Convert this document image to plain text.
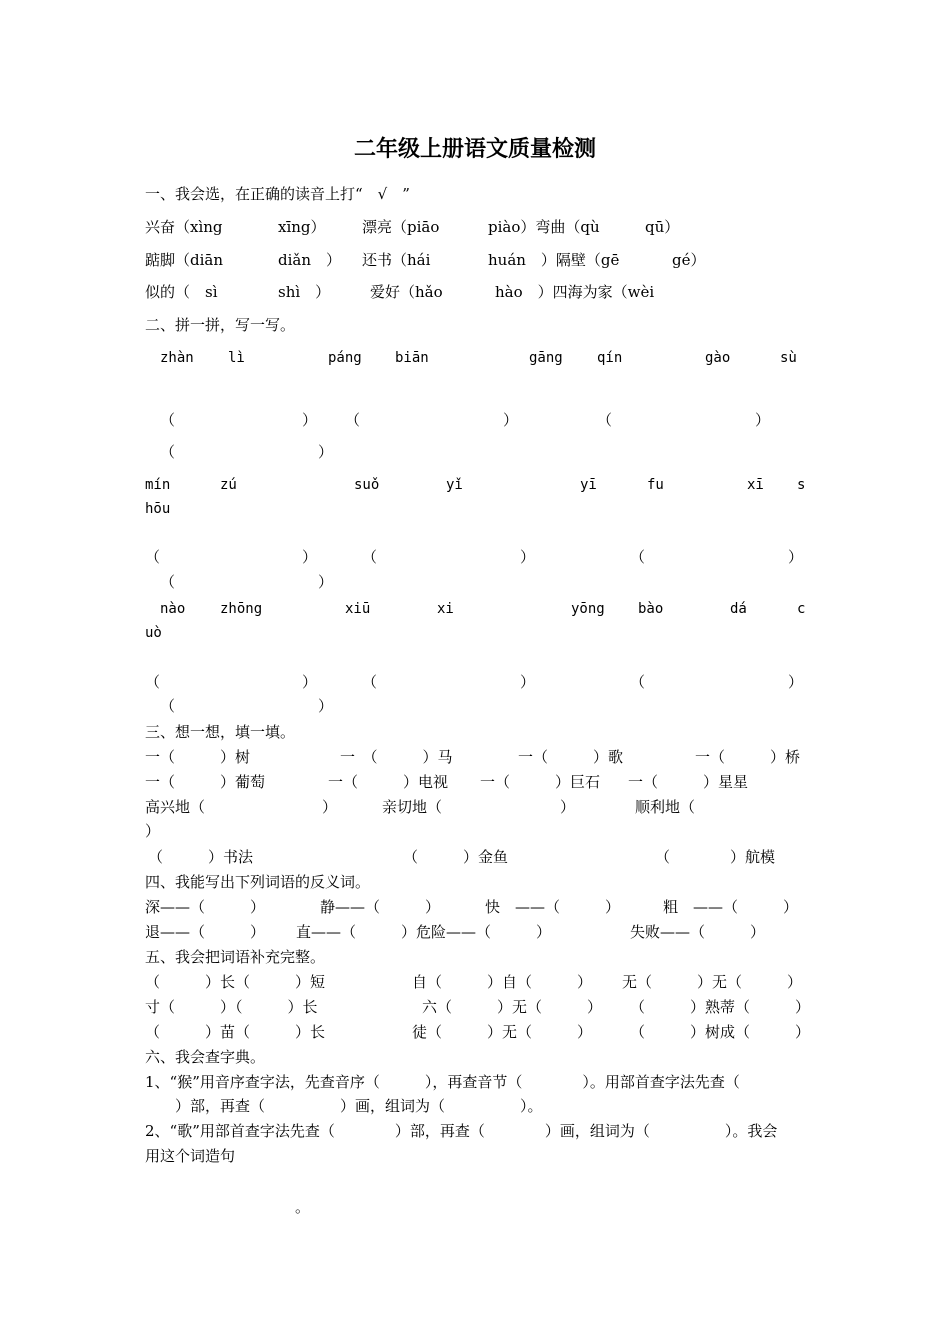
二年级上册语文质量检测
一、我会选，在正确的读音上打“　√　”
兴奋（xìng	xīng） 漂亮（piāo	piào）弯曲（qù	qū）
踮脚（diān	diǎn　） 还书（hái	huán　）隔壁（gē	gé）
似的（　sì	shì　）	爱好（hǎo	hào　）四海为家（wèi
二、拼一拼，写一写。
zhàn lì	páng biān	gāng qín	gào	sù
（	） （	）	（	）
（	）
mín	zú	suǒ	yǐ	yī	fu	xī s
hōu
（	）	（	）	（	）
（	）
nào zhōng	xiū	xi	yōng bào	dá	c
uò
（	）	（	）	（	）
（	）
三、想一想，填一填。
一（　　　）树	一　（　　　）马	一（　　　）歌	一（　　　）桥
一（　　　）葡萄	一（　　　）电视 一（　　　）巨石 一（　　　）星星
高兴地（	）	亲切地（	）	顺利地（
）
（　　　）书法	（　　　）金鱼	（　　　　）航模
四、我能写出下列词语的反义词。
深——（　　　）	静——（　　　）	快　——（　　　）	粗　——（　　　）
退——（　　　） 直——（　　　）危险——（　　　）	失败——（　　　）
五、我会把词语补充完整。
（　　　）长（　　　）短	自（　　　）自（　　　） 无（　　　）无（　　　）
寸（　　　）（　　　）长	六（　　　）无（　　　） （　　　）熟蒂（　　　）
（　　　）苗（　　　）长	徒（　　　）无（　　　）	（　　　）树成（　　　）
六、我会查字典。
1、“猴”用音序查字法，先查音序（　　　），再查音节（　　　　）。用部首查字法先查（
　）部，再查（　　　　　）画，组词为（　　　　　）。
2、“歌”用部首查字法先查（　　　　）部，再查（　　　　）画，组词为（　　　　　）。我会
用这个词造句
。
